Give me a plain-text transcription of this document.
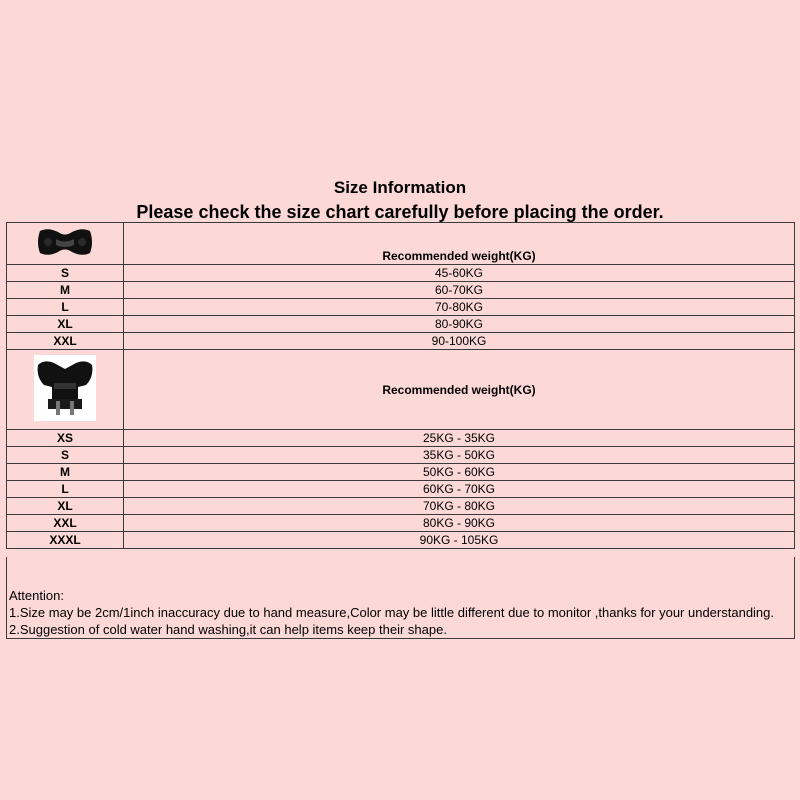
Size Information
Please check the size chart carefully before placing the order.
	Recommended weight(KG)
S	45-60KG
M	60-70KG
L	70-80KG
XL	80-90KG
XXL	90-100KG
	Recommended weight(KG)
XS	25KG - 35KG
S	35KG - 50KG
M	50KG - 60KG
L	60KG - 70KG
XL	70KG - 80KG
XXL	80KG - 90KG
XXXL	90KG - 105KG
Attention:
1.Size may be 2cm/1inch inaccuracy due to hand measure,Color may be little different due to monitor ,thanks for your understanding.
2.Suggestion of cold water hand washing,it can help items keep their shape.
